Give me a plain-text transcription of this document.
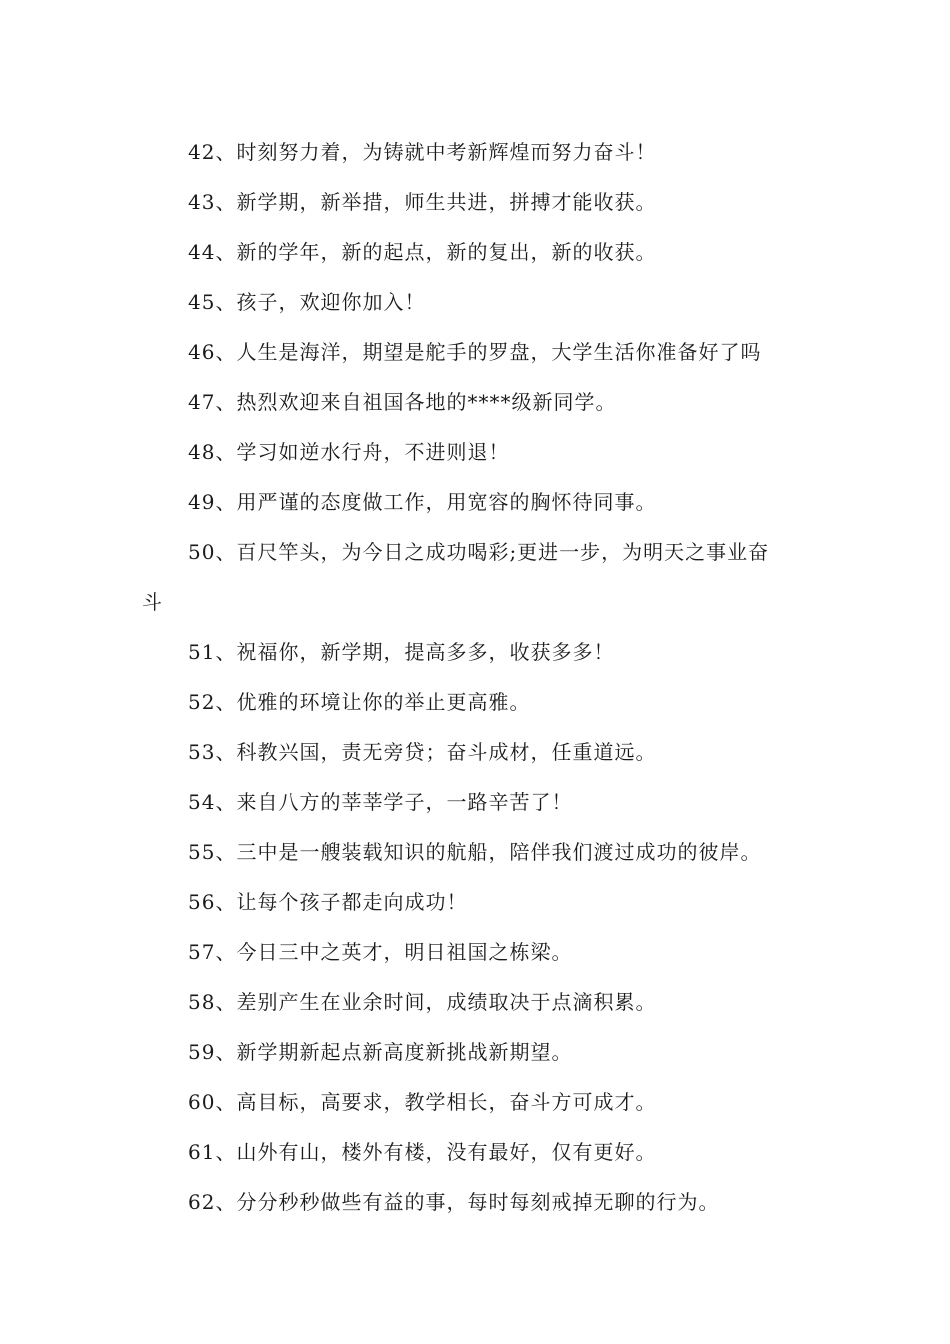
42、时刻努力着，为铸就中考新辉煌而努力奋斗！
43、新学期，新举措，师生共进，拼搏才能收获。
44、新的学年，新的起点，新的复出，新的收获。
45、孩子，欢迎你加入！
46、人生是海洋，期望是舵手的罗盘，大学生活你准备好了吗
47、热烈欢迎来自祖国各地的****级新同学。
48、学习如逆水行舟，不进则退！
49、用严谨的态度做工作，用宽容的胸怀待同事。
50、百尺竿头，为今日之成功喝彩;更进一步，为明天之事业奋
斗
51、祝福你，新学期，提高多多，收获多多！
52、优雅的环境让你的举止更高雅。
53、科教兴国，责无旁贷；奋斗成材，任重道远。
54、来自八方的莘莘学子，一路辛苦了！
55、三中是一艘装载知识的航船，陪伴我们渡过成功的彼岸。
56、让每个孩子都走向成功！
57、今日三中之英才，明日祖国之栋梁。
58、差别产生在业余时间，成绩取决于点滴积累。
59、新学期新起点新高度新挑战新期望。
60、高目标，高要求，教学相长，奋斗方可成才。
61、山外有山，楼外有楼，没有最好，仅有更好。
62、分分秒秒做些有益的事，每时每刻戒掉无聊的行为。
